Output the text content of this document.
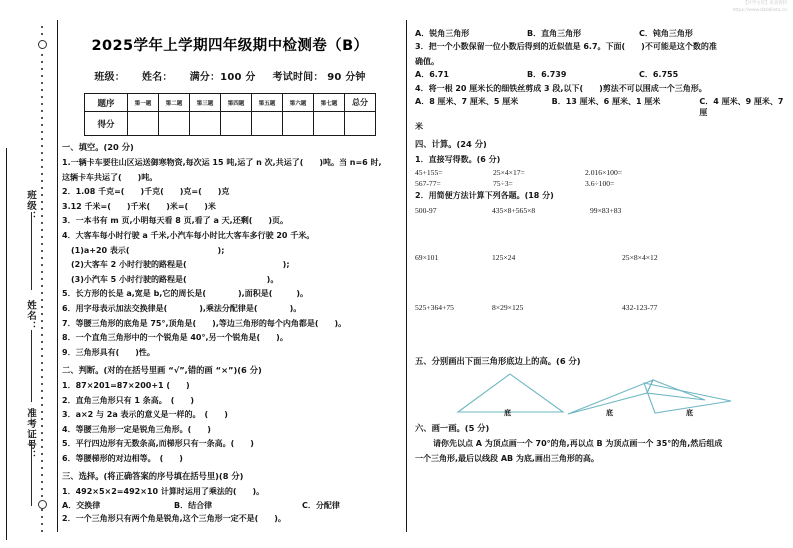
【共学文库】查查资料
https://www.datallista.cn
班级：
姓名：
准考证号：
2025学年上学期四年级期中检测卷（B）
班级： 姓名： 满分：100 分 考试时间： 90 分钟
题序	第一题	第二题	第三题	第四题	第五题	第六题	第七题	总分
得分								
一、填空。(20 分)
1.一辆卡车要往山区运送御寒物资,每次运 15 吨,运了 n 次,共运了(　　)吨。当 n=6 时,
这辆卡车共运了(　　)吨。
2．1.08 千克=(　　)千克(　　)克=(　　)克
3.12 千米=(　　)千米(　　)米=(　　)米
3．一本书有 m 页,小明每天看 8 页,看了 a 天,还剩(　　)页。
4．大客车每小时行驶 a 千米,小汽车每小时比大客车多行驶 20 千米。
(1)a+20 表示(　　　　　　　　　　　);
(2)大客车 2 小时行驶的路程是(　　　　　　　　　　　　);
(3)小汽车 5 小时行驶的路程是(　　　　　　　　　　)。
5．长方形的长是 a,宽是 b,它的周长是(　　　　),面积是(　　　)。
6．用字母表示加法交换律是(　　　　),乘法分配律是(　　　　)。
7．等腰三角形的底角是 75°,顶角是(　　),等边三角形的每个内角都是(　　)。
8．一个直角三角形中的一个锐角是 40°,另一个锐角是(　　)。
9．三角形具有(　　)性。
二、判断。(对的在括号里画 “√”,错的画 “×”)(6 分)
1．87×201=87×200+1 (　　)
2．直角三角形只有 1 条高。　(　　)
3．a×2 与 2a 表示的意义是一样的。　(　　)
4．等腰三角形一定是锐角三角形。(　　)
5．平行四边形有无数条高,而梯形只有一条高。(　　)
6．等腰梯形的对边相等。　(　　)
三、选择。(将正确答案的序号填在括号里)(8 分)
1．492×5×2=492×10 计算时运用了乘法的(　　)。
A．交换律	B．结合律	C．分配律
2．一个三角形只有两个角是锐角,这个三角形一定不是(　　)。
A．锐角三角形	B．直角三角形	C．钝角三角形
3．把一个小数保留一位小数后得到的近似值是 6.7。下面(　　)不可能是这个数的准
确值。
A．6.71	B．6.739	C．6.755
4．将一根 20 厘米长的细铁丝剪成 3 段,以下(　　)剪法不可以围成一个三角形。
A．8 厘米、7 厘米、5 厘米	B．13 厘米、6 厘米、1 厘米	C．4 厘米、9 厘米、7 厘
米
四、计算。(24 分)
1．直接写得数。(6 分)
45+155=	25×4×17=	2.016×100=
567-77=	75÷3=	3.6÷100=
2．用简便方法计算下列各题。(18 分)
500-97	435×8+565×8	99×83+83
69×101	125×24	25×8×4×12
525+364+75	8×29×125	432-123-77
五、分别画出下面三角形底边上的高。(6 分)
底	底	底
六、画一画。(5 分)
请你先以点 A 为顶点画一个 70°的角,再以点 B 为顶点画一个 35°的角,然后组成
一个三角形,最后以线段 AB 为底,画出三角形的高。
